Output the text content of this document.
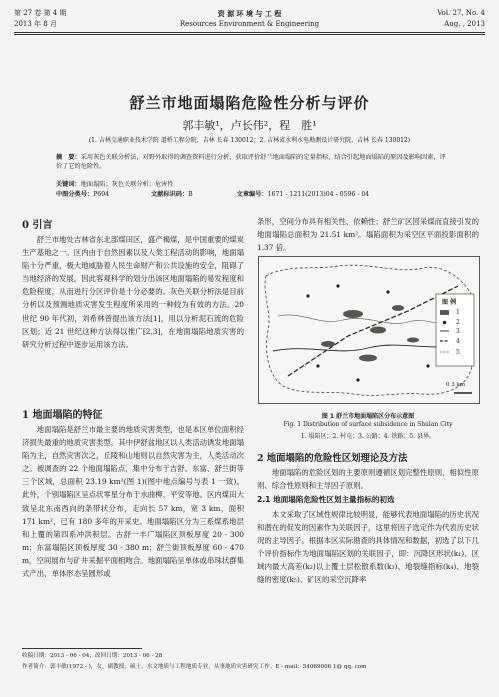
第 27 卷 第 4 期
2013 年 8 月
资 源 环 境 与 工 程
Resources Environment & Engineering
Vol. 27, No. 4
Aug. , 2013
舒兰市地面塌陷危险性分析与评价
郭丰敏¹，卢长伟²，程　胜¹
(1. 吉林交通职业技术学院 道桥工程分院，吉林 长春 130012；2. 吉林省水利水电勘测设计研究院，吉林 长春 130012)
摘　要：采用灰色关联分析法，对野外取得的调查资料进行分析，获取评价舒兰地面塌陷的定量指标，结合引起地面塌陷的原因及影响因素，评价了它的危险性。
关键词：地面塌陷；灰色关联分析；危害性
中图分类号：P694	文献标识码：B	文章编号：1671 - 1211(2013)04 - 0596 - 04
0 引言
舒兰市地处吉林省东北部煤田区，盛产褐煤，是中国重要的煤炭生产基地之一。区内由于自然因素以及人类工程活动的影响，地面塌陷十分严重，极大地威胁着人民生命财产和公共设施的安全，阻碍了当地经济的发展，因此客观科学的划分出该区地面塌陷的易发程度和危险程度，从而进行分区评价是十分必要的。灰色关联分析法是目前分析以及预测地质灾害发生程度所采用的一种较为有效的方法。20 世纪 90 年代初，刘希林曾提出该方法[1]，用以分析泥石流的危险区划；近 21 世纪这种方法得以推广[2,3]，在地面塌陷地质灾害的研究分析过程中逐步运用该方法。
1 地面塌陷的特征
地面塌陷是舒兰市最主要的地质灾害类型，也是本区单位面积经济损失最重的地质灾害类型，其中伊舒盆地区以人类活动诱发地面塌陷为主，自然灾害次之，丘陵和山地则以自然灾害为主，人类活动次之。被调查的 22 个地面塌陷点，集中分布于吉舒、东富、舒兰街等三个区域，总面积 23.19 km²(图 1)(图中地点编号与表 1 一致)。此外，个别塌陷区呈点状零星分布于水曲柳、平安等地。区内煤田大致呈北东南西向的条带状分布，走向长 57 km，宽 3 km，面积 171 km²，已有 180 多年的开采史。地面塌陷区分为三系煤系地层和上覆的第四系冲洪积层。古舒一丰广塌陷区顶板厚度 20 - 300 m；东富塌陷区顶板厚度 30 - 380 m；舒兰街顶板厚度 60 - 470 m，空间展布与矿井采掘平面相吻合。地面塌陷呈单体或串珠状群集式产出，单体形态呈圆形或
条形，空间分布具有相关性、依赖性；舒兰矿区因采煤而直接引发的地面塌陷总面积为 21.51 km²。塌陷面积为采空区平面投影面积的 1.37 倍。
图 例
1
2
3
4
5
0 3 km
图 1 舒兰市地面塌陷区分布示意图
Fig. 1 Distribution of surface subsidence in Shulan City
1. 塌陷区；2. 村屯；3. 公路；4. 铁路；5. 县界。
2 地面塌陷的危险性区划理论及方法
地面塌陷的危险区划的主要原则遵循区划完整性原则、相似性原则、综合性原则和主导因子原则。
2.1 地面塌陷危险性区划主量指标的初选
本文采取了区域性规律比较明显，能够代表地面塌陷的历史状况和潜在的促发的因素作为关联因子，这里将因子选定作为代表历史状况的主导因子。根据本区实际勘查的具体情况和数据，初选了以下几个评价指标作为地面塌陷区划的关联因子，即：沉降区形状(k₁)、区域内最大高差(k₂)以上覆土层松散系数(k₃)、地裂缝指标(k₄)、地裂缝的密度(k₅)、矿区的采空沉降率
收稿日期：2013 - 06 - 04；改回日期：2013 - 06 - 28
作者简介：郭丰敏(1972 - )，女，副教授，硕士，水文地质与工程地质专业，从事地质灾害研究工作。E - mail：54069006 1@ qq. com
